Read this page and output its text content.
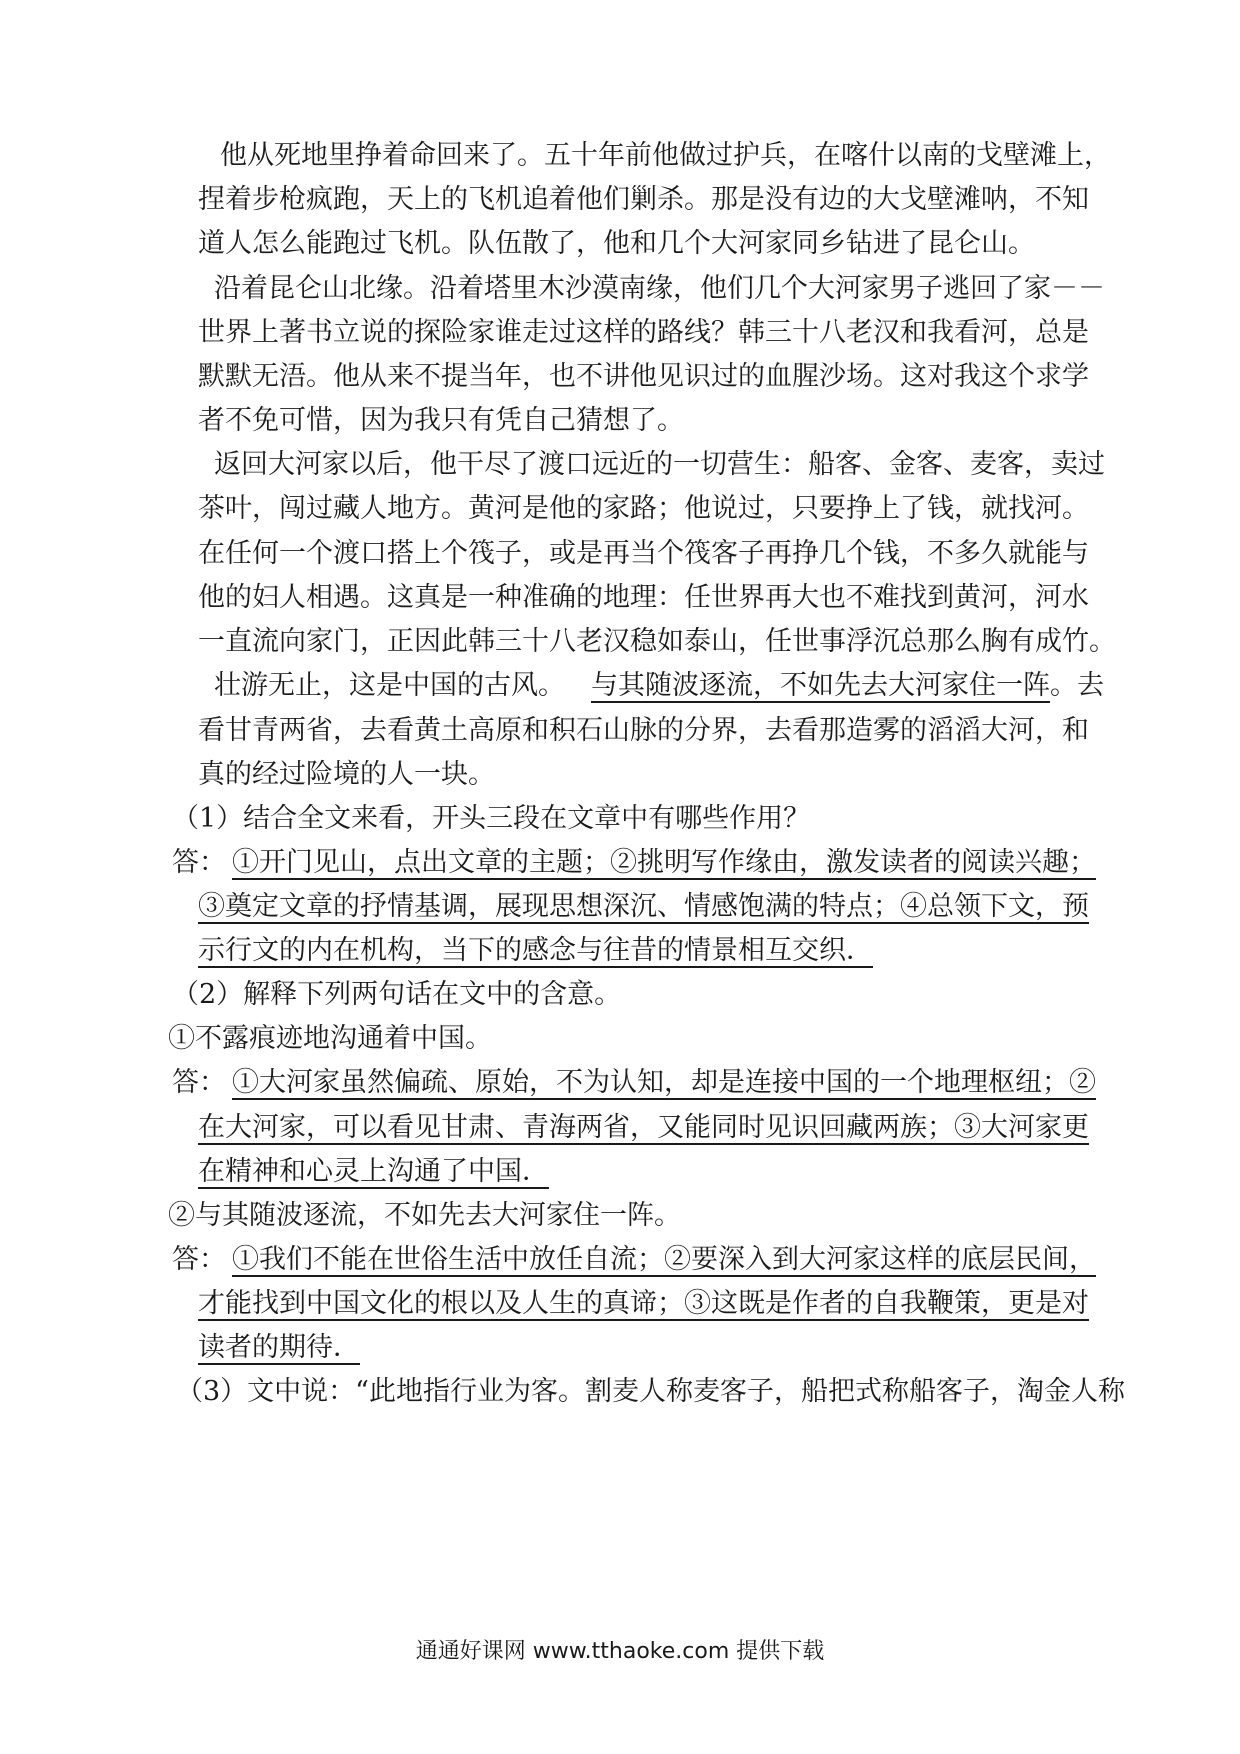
他从死地里挣着命回来了。五十年前他做过护兵，在喀什以南的戈壁滩上，
捏着步枪疯跑，天上的飞机追着他们剿杀。那是没有边的大戈壁滩呐，不知
道人怎么能跑过飞机。队伍散了，他和几个大河家同乡钻进了昆仑山。
沿着昆仑山北缘。沿着塔里木沙漠南缘，他们几个大河家男子逃回了家－－
世界上著书立说的探险家谁走过这样的路线？韩三十八老汉和我看河，总是
默默无浯。他从来不提当年，也不讲他见识过的血腥沙场。这对我这个求学
者不免可惜，因为我只有凭自己猜想了。
返回大河家以后，他干尽了渡口远近的一切营生：船客、金客、麦客，卖过
茶叶，闯过藏人地方。黄河是他的家路；他说过，只要挣上了钱，就找河。
在任何一个渡口搭上个筏子，或是再当个筏客子再挣几个钱，不多久就能与
他的妇人相遇。这真是一种准确的地理：任世界再大也不难找到黄河，河水
一直流向家门，正因此韩三十八老汉稳如泰山，任世事浮沉总那么胸有成竹。
壮游无止，这是中国的古风。 与其随波逐流，不如先去大河家住一阵。去
看甘青两省，去看黄土高原和积石山脉的分界，去看那造雾的滔滔大河，和
真的经过险境的人一块。
（1）结合全文来看，开头三段在文章中有哪些作用？
答： ①开门见山，点出文章的主题；②挑明写作缘由，激发读者的阅读兴趣；
③奠定文章的抒情基调，展现思想深沉、情感饱满的特点；④总领下文，预
示行文的内在机构，当下的感念与往昔的情景相互交织．
（2）解释下列两句话在文中的含意。
①不露痕迹地沟通着中国。
答： ①大河家虽然偏疏、原始，不为认知，却是连接中国的一个地理枢纽；②
在大河家，可以看见甘肃、青海两省，又能同时见识回藏两族；③大河家更
在精神和心灵上沟通了中国．
②与其随波逐流，不如先去大河家住一阵。
答： ①我们不能在世俗生活中放任自流；②要深入到大河家这样的底层民间，
才能找到中国文化的根以及人生的真谛；③这既是作者的自我鞭策，更是对
读者的期待．
（3）文中说：“此地指行业为客。割麦人称麦客子，船把式称船客子，淘金人称
通通好课网 www.tthaoke.com 提供下载
